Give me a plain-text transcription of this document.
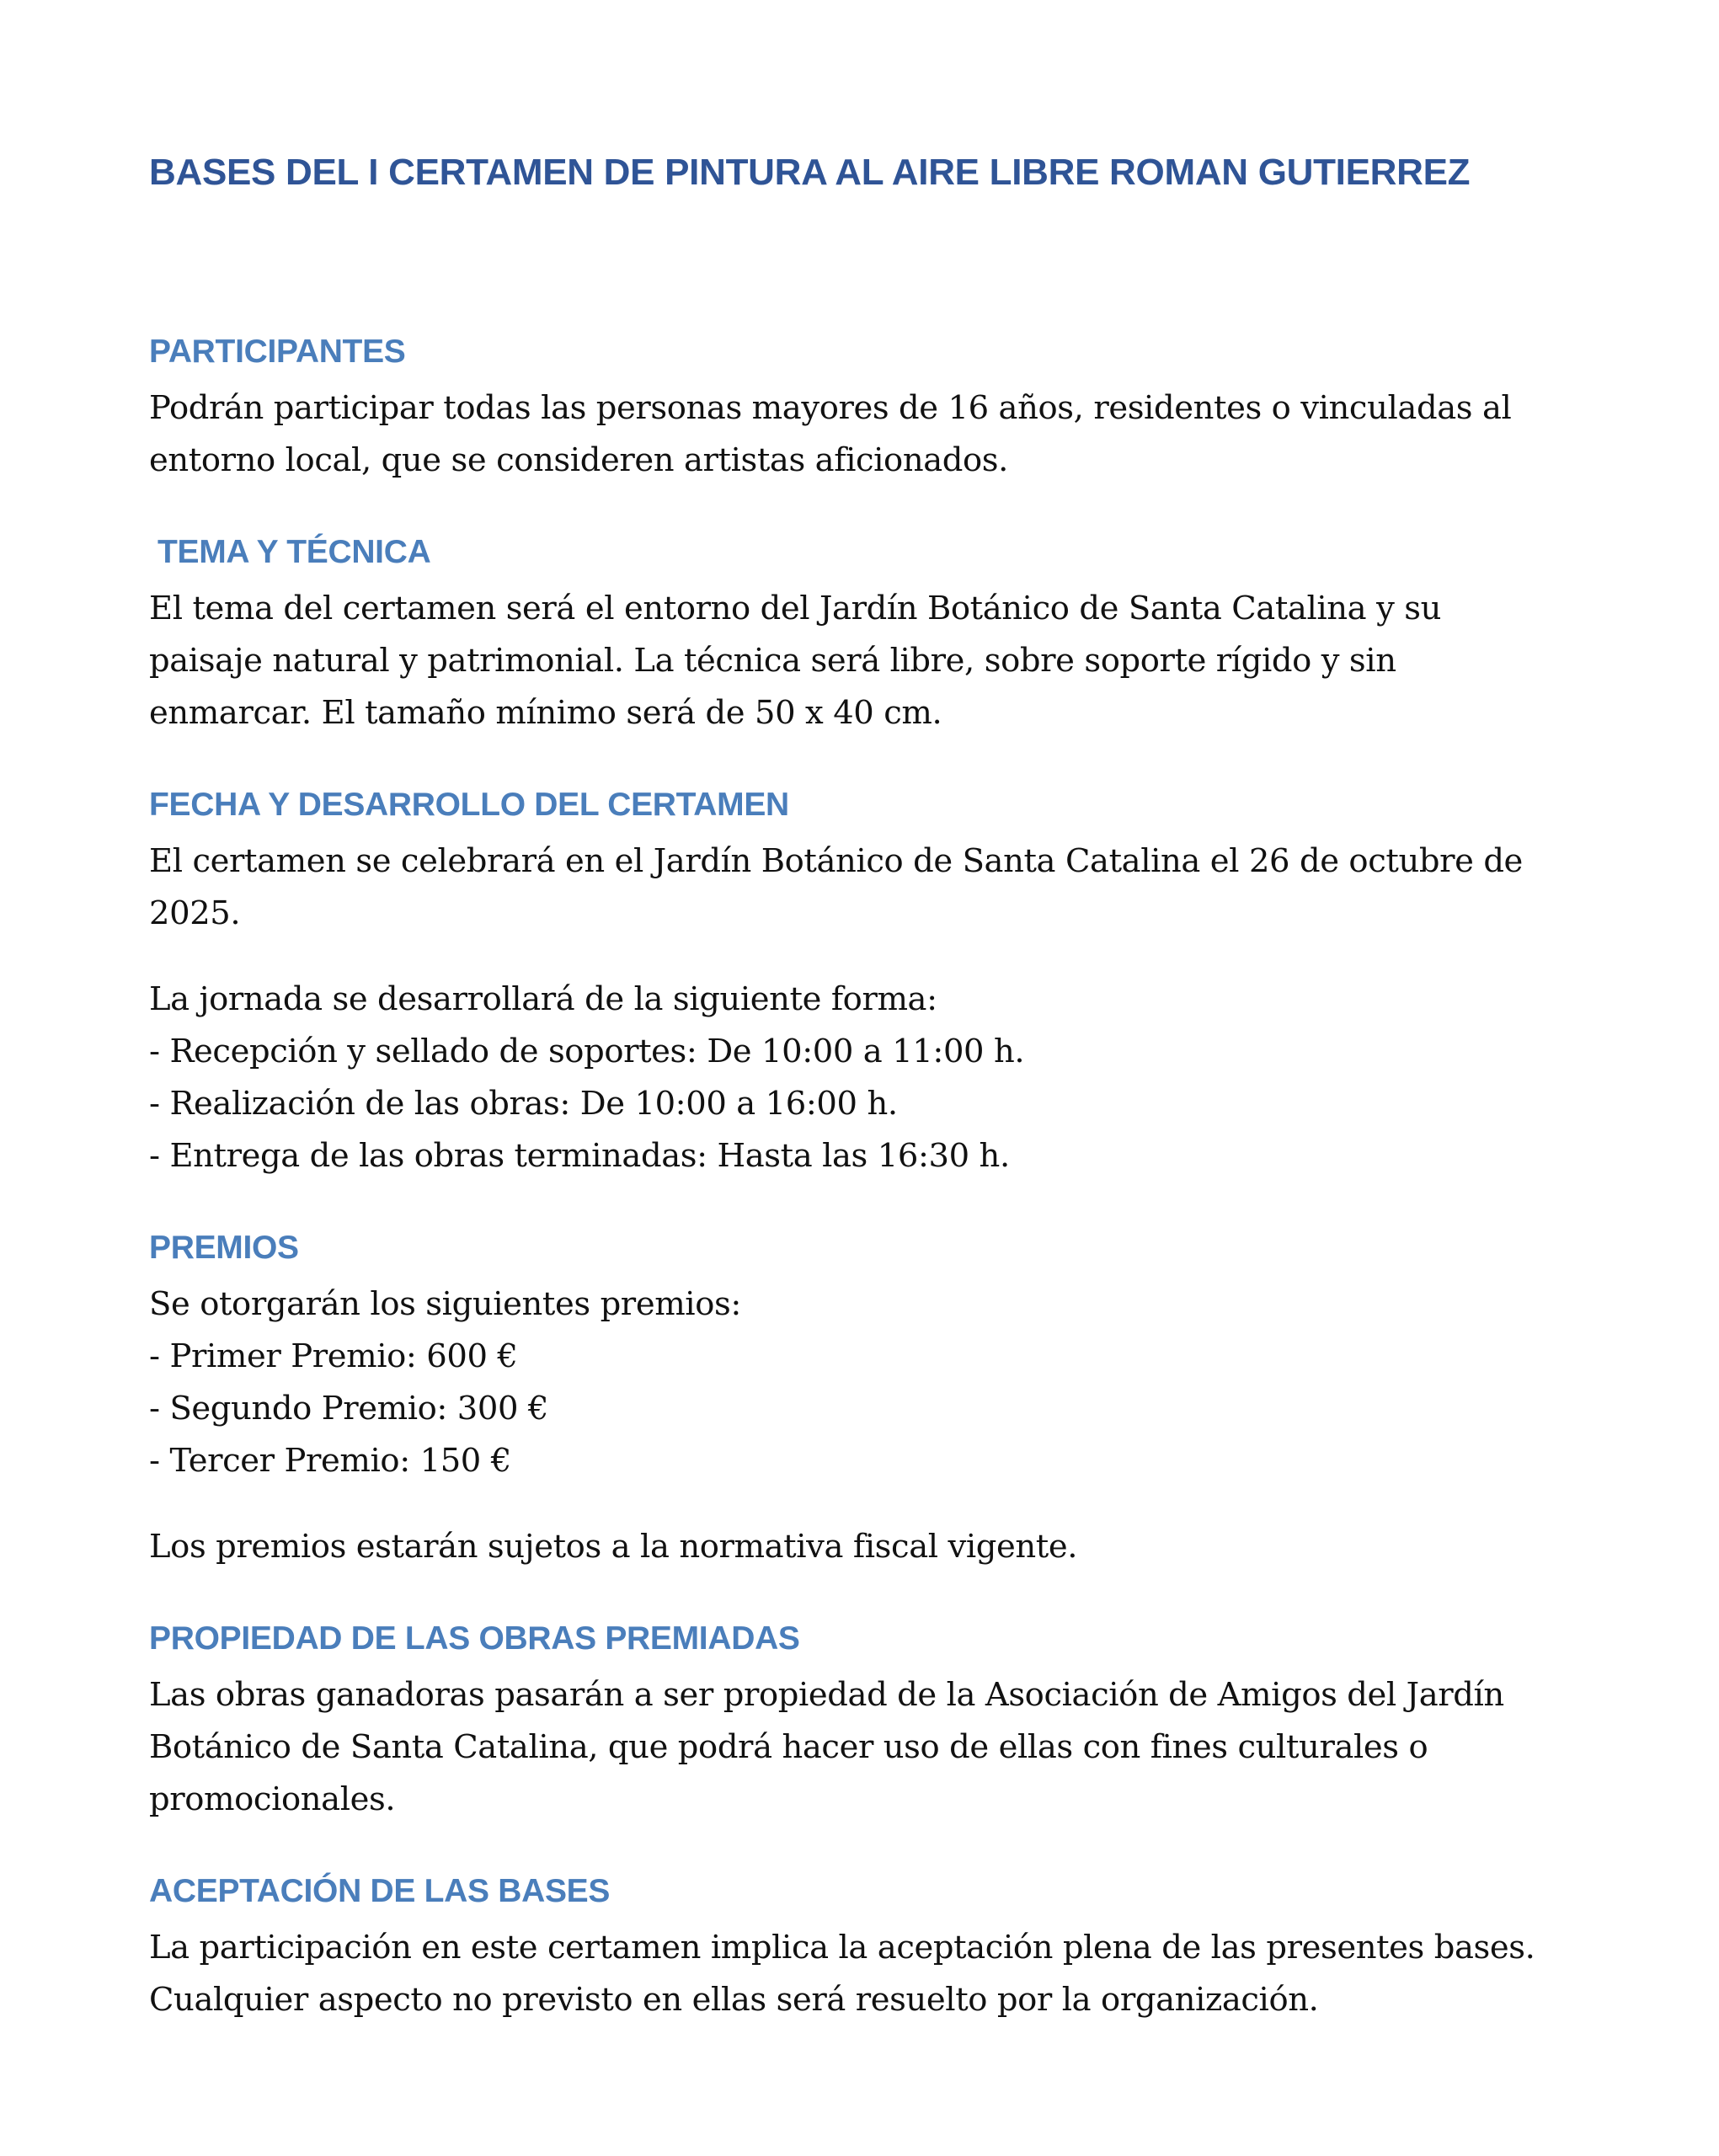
BASES DEL I CERTAMEN DE PINTURA AL AIRE LIBRE ROMAN GUTIERREZ
PARTICIPANTES

Podrán participar todas las personas mayores de 16 años, residentes o vinculadas al

entorno local, que se consideren artistas aficionados.

TEMA Y TÉCNICA

El tema del certamen será el entorno del Jardín Botánico de Santa Catalina y su

paisaje natural y patrimonial. La técnica será libre, sobre soporte rígido y sin

enmarcar. El tamaño mínimo será de 50 x 40 cm.

FECHA Y DESARROLLO DEL CERTAMEN

El certamen se celebrará en el Jardín Botánico de Santa Catalina el 26 de octubre de

2025.

La jornada se desarrollará de la siguiente forma:

- Recepción y sellado de soportes: De 10:00 a 11:00 h.

- Realización de las obras: De 10:00 a 16:00 h.

- Entrega de las obras terminadas: Hasta las 16:30 h.

PREMIOS

Se otorgarán los siguientes premios:

- Primer Premio: 600 €

- Segundo Premio: 300 €

- Tercer Premio: 150 €

Los premios estarán sujetos a la normativa fiscal vigente.

PROPIEDAD DE LAS OBRAS PREMIADAS

Las obras ganadoras pasarán a ser propiedad de la Asociación de Amigos del Jardín

Botánico de Santa Catalina, que podrá hacer uso de ellas con fines culturales o

promocionales.

ACEPTACIÓN DE LAS BASES

La participación en este certamen implica la aceptación plena de las presentes bases.

Cualquier aspecto no previsto en ellas será resuelto por la organización.
